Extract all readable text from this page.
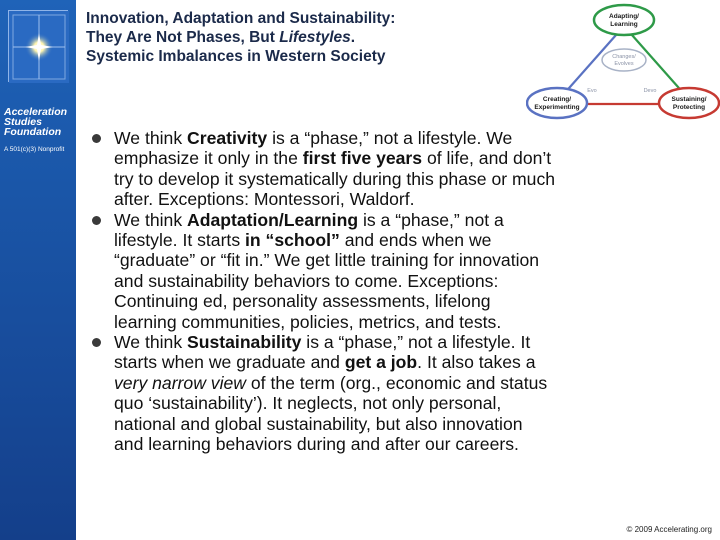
Acceleration
Studies
Foundation
A 501(c)(3) Nonprofit
Innovation, Adaptation and Sustainability:
They Are Not Phases, But Lifestyles.
Systemic Imbalances in Western Society
Adapting/
Learning
Creating/
Experimenting
Sustaining/
Protecting
Changes/
Evolves
Evo	Devo
We think Creativity is a “phase,” not a lifestyle. We
emphasize it only in the first five years of life, and don’t
try to develop it systematically during this phase or much
after. Exceptions: Montessori, Waldorf.
We think Adaptation/Learning is a “phase,” not a
lifestyle. It starts in “school” and ends when we
“graduate” or “fit in.” We get little training for innovation
and sustainability behaviors to come. Exceptions:
Continuing ed, personality assessments, lifelong
learning communities, policies, metrics, and tests.
We think Sustainability is a “phase,” not a lifestyle. It
starts when we graduate and get a job. It also takes a
very narrow view of the term (org., economic and status
quo ‘sustainability’). It neglects, not only personal,
national and global sustainability, but also innovation
and learning behaviors during and after our careers.
© 2009 Accelerating.org
